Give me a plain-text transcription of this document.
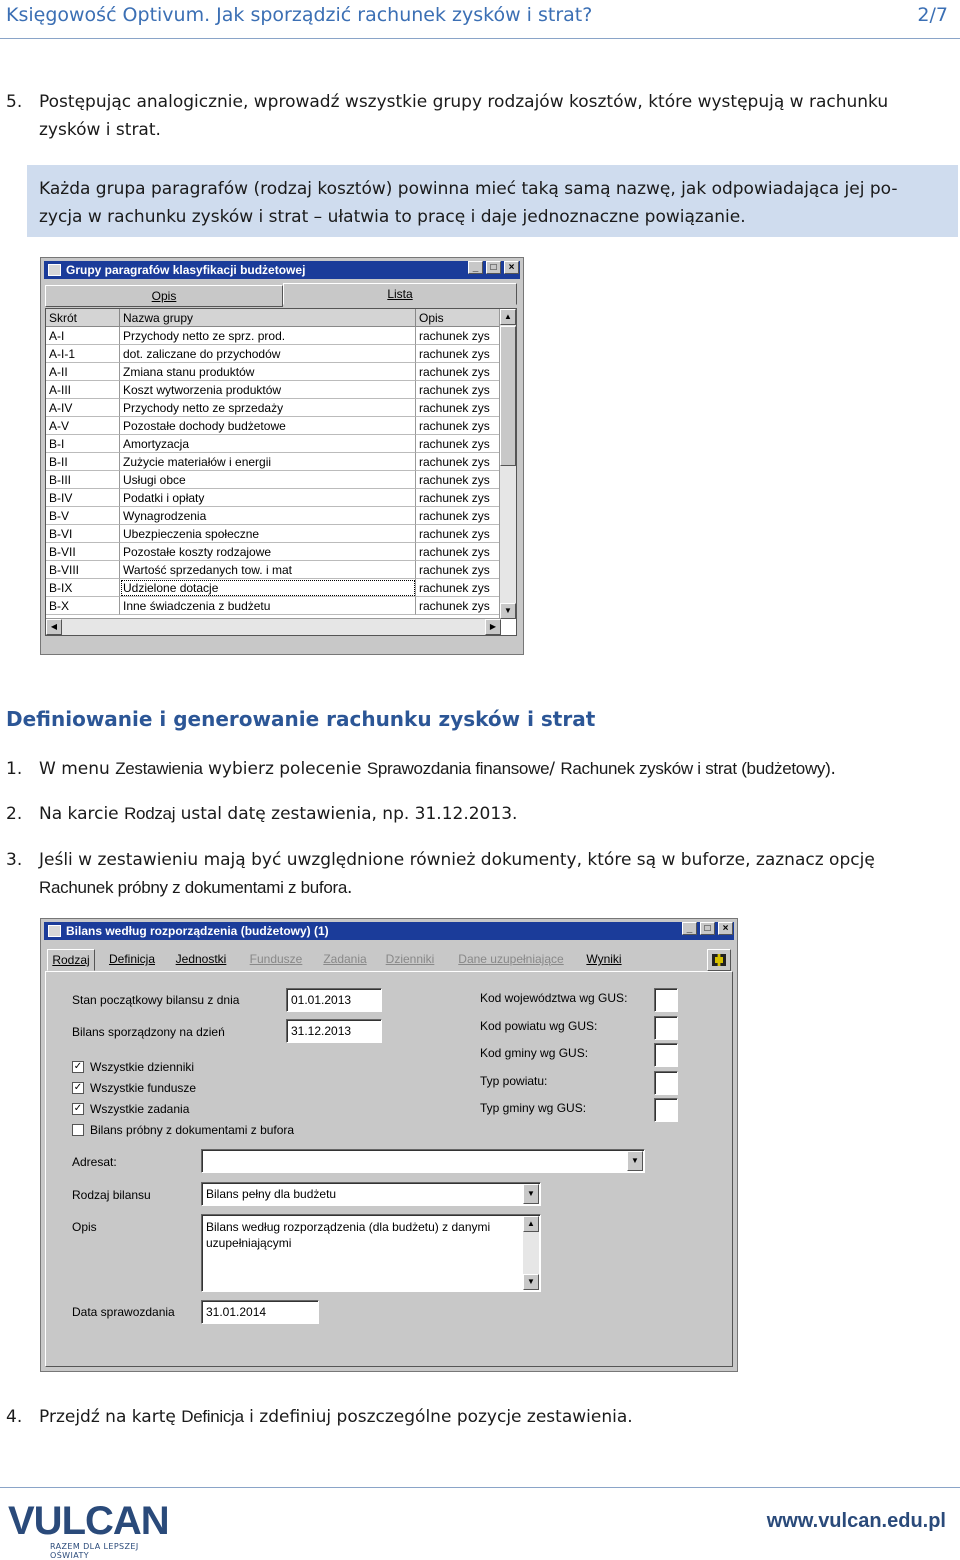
Księgowość Optivum. Jak sporządzić rachunek zysków i strat?	2/7
5. Postępując analogicznie, wprowadź wszystkie grupy rodzajów kosztów, które występują w rachunku zysków i strat.
Każda grupa paragrafów (rodzaj kosztów) powinna mieć taką samą nazwę, jak odpowiadająca jej po-
zycja w rachunku zysków i strat – ułatwia to pracę i daje jednoznaczne powiązanie.
Grupy paragrafów klasyfikacji budżetowej	_	□	×
Opis	Lista
Skrót	Nazwa grupy	Opis
A-I	Przychody netto ze sprz. prod.	rachunek zys
A-I-1	dot. zaliczane do przychodów	rachunek zys
A-II	Zmiana stanu produktów	rachunek zys
A-III	Koszt wytworzenia produktów	rachunek zys
A-IV	Przychody netto ze sprzedaży	rachunek zys
A-V	Pozostałe dochody budżetowe	rachunek zys
B-I	Amortyzacja	rachunek zys
B-II	Zużycie materiałów i energii	rachunek zys
B-III	Usługi obce	rachunek zys
B-IV	Podatki i opłaty	rachunek zys
B-V	Wynagrodzenia	rachunek zys
B-VI	Ubezpieczenia społeczne	rachunek zys
B-VII	Pozostałe koszty rodzajowe	rachunek zys
B-VIII	Wartość sprzedanych tow. i mat	rachunek zys
B-IX	Udzielone dotacje	rachunek zys
B-X	Inne świadczenia z budżetu	rachunek zys
▲
▼
◀	▶
Definiowanie i generowanie rachunku zysków i strat
1. W menu Zestawienia wybierz polecenie Sprawozdania finansowe/ Rachunek zysków i strat (budżetowy).
2. Na karcie Rodzaj ustal datę zestawienia, np. 31.12.2013.
3. Jeśli w zestawieniu mają być uwzględnione również dokumenty, które są w buforze, zaznacz opcję
Rachunek próbny z dokumentami z bufora.
Bilans według rozporządzenia (budżetowy) (1)	_	□	×
Rodzaj	Definicja	Jednostki	Fundusze	Zadania	Dzienniki	Dane uzupełniające	Wyniki
Stan początkowy bilansu z dnia	01.01.2013
Bilans sporządzony na dzień	31.12.2013
✓ Wszystkie dzienniki
✓ Wszystkie fundusze
✓ Wszystkie zadania
Bilans próbny z dokumentami z bufora
Kod województwa wg GUS:
Kod powiatu wg GUS:
Kod gminy wg GUS:
Typ powiatu:
Typ gminy wg GUS:
Adresat:	▼
Rodzaj bilansu	Bilans pełny dla budżetu	▼
Opis	Bilans według rozporządzenia (dla budżetu) z danymi
uzupełniającymi
▲
▼
Data sprawozdania	31.01.2014
4. Przejdź na kartę Definicja i zdefiniuj poszczególne pozycje zestawienia.
VULCAN
RAZEM DLA LEPSZEJ OŚWIATY
www.vulcan.edu.pl
